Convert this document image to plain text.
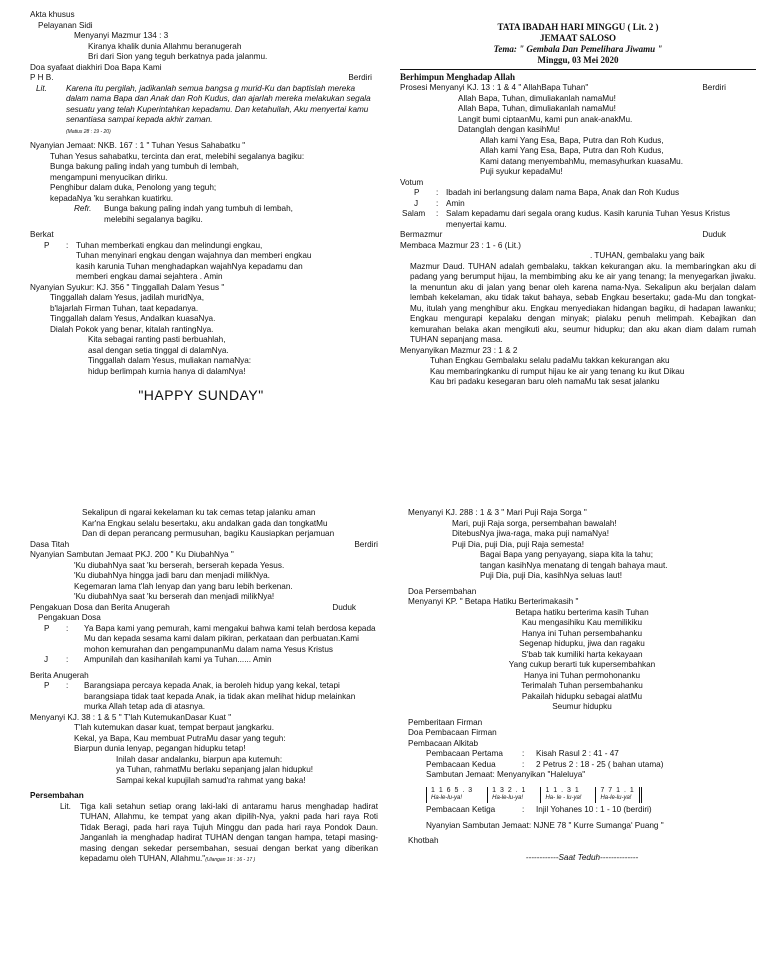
Akta khusus

Pelayanan Sidi

Menyanyi Mazmur 134 : 3

Kiranya khalik dunia Allahmu beranugerah

Bri dari Sion yang teguh berkatnya pada jalanmu.

Doa syafaat diakhiri Doa Bapa Kami

P H B.	Berdiri
Lit.	Karena itu pergilah, jadikanlah semua bangsa g murid-Ku dan baptislah mereka dalam nama Bapa dan Anak dan Roh Kudus, dan ajarlah mereka melakukan segala sesuatu yang telah Kuperintahkan kepadamu. Dan ketahuilah, Aku menyertai kamu senantiasa sampai kepada akhir zaman.
(Matius 28 : 19 - 20)

Nyanyian Jemaat: NKB. 167 : 1 " Tuhan Yesus Sahabatku "

Tuhan Yesus sahabatku, tercinta dan erat, melebihi segalanya bagiku:

Bunga bakung paling indah yang tumbuh di lembah,

mengampuni menyucikan diriku.

Penghibur dalam duka, Penolong yang teguh;

kepadaNya 'ku serahkan kuatirku.

Refr.	Bunga bakung paling indah yang tumbuh di lembah,

melebihi segalanya bagiku.

Berkat

P	: Tuhan memberkati engkau dan melindungi engkau,

Tuhan menyinari engkau dengan wajahnya dan memberi engkau

kasih karunia Tuhan menghadapkan wajahNya kepadamu dan

memberi engkau damai sejahtera . Amin

Nyanyian Syukur: KJ. 356 " Tinggallah Dalam Yesus "

Tinggallah dalam Yesus, jadilah muridNya,

b'lajarlah Firman Tuhan, taat kepadanya.

Tinggallah dalam Yesus, Andalkan kuasaNya.

Dialah Pokok yang benar, kitalah rantingNya.

Kita sebagai ranting pasti berbuahlah,

asal dengan setia tinggal di dalamNya.

Tinggallah dalam Yesus, muliakan namaNya:

hidup berlimpah kurnia hanya di dalamNya!

"HAPPY SUNDAY"

TATA IBADAH HARI MINGGU ( Lit. 2 )

JEMAAT SALOSO

Tema: " Gembala Dan Pemelihara Jiwamu "

Minggu, 03 Mei 2020

Berhimpun Menghadap Allah

Prosesi Menyanyi KJ. 13 : 1 & 4 " AllahBapa Tuhan"	Berdiri

Allah Bapa, Tuhan, dimuliakanlah namaMu!

Allah Bapa, Tuhan, dimuliakanlah namaMu!

Langit bumi ciptaanMu, kami pun anak-anakMu.

Datanglah dengan kasihMu!

Allah kami Yang Esa, Bapa, Putra dan Roh Kudus,

Allah kami Yang Esa, Bapa, Putra dan Roh Kudus,

Kami datang menyembahMu, memasyhurkan kuasaMu.

Puji syukur kepadaMu!

Votum

P	: Ibadah ini berlangsung dalam nama Bapa, Anak dan Roh Kudus
J	: Amin
Salam	: Salam kepadamu dari segala orang kudus. Kasih karunia Tuhan Yesus Kristus menyertai kamu.
Bermazmur	Duduk

Membaca Mazmur 23 : 1 - 6 (Lit.)

. TUHAN, gembalaku yang baik

Mazmur Daud. TUHAN adalah gembalaku, takkan kekurangan aku. Ia membaringkan aku di padang yang berumput hijau, Ia membimbing aku ke air yang tenang; Ia menyegarkan jiwaku. Ia menuntun aku di jalan yang benar oleh karena nama-Nya. Sekalipun aku berjalan dalam lembah kekelaman, aku tidak takut bahaya, sebab Engkau besertaku; gada-Mu dan tongkat-Mu, itulah yang menghibur aku. Engkau menyediakan hidangan bagiku, di hadapan lawanku; Engkau mengurapi kepalaku dengan minyak; pialaku penuh melimpah. Kebajikan dan kemurahan belaka akan mengikuti aku, seumur hidupku; dan aku akan diam dalam rumah TUHAN sepanjang masa.

Menyanyikan Mazmur 23 : 1 & 2

Tuhan Engkau Gembalaku selalu padaMu takkan kekurangan aku

Kau membaringkanku di rumput hijau ke air yang tenang ku ikut Dikau

Kau bri padaku kesegaran baru oleh namaMu tak sesat jalanku

Sekalipun di ngarai kekelaman ku tak cemas tetap jalanku aman

Kar'na Engkau selalu besertaku, aku andalkan gada dan tongkatMu

Dan di depan perancang permusuhan, bagiku Kausiapkan perjamuan

Dasa Titah	Berdiri

Nyanyian Sambutan Jemaat PKJ. 200 " Ku DiubahNya "

'Ku diubahNya saat 'ku berserah, berserah kepada Yesus.

'Ku diubahNya hingga jadi baru dan menjadi milikNya.

Kegemaran lama t'lah lenyap dan yang baru lebih berkenan.

'Ku diubahNya saat 'ku berserah dan menjadi milikNya!

Pengakuan Dosa dan Berita Anugerah	Duduk

Pengakuan Dosa

P	:	Ya Bapa kami yang pemurah, kami mengakui bahwa kami telah berdosa kepada Mu dan kepada sesama kami dalam pikiran, perkataan dan perbuatan.Kami mohon kemurahan dan pengampunanMu dalam nama Yesus Kristus
J	:	Ampunilah dan kasihanilah kami ya Tuhan...... Amin

Berita Anugerah

P	:	Barangsiapa percaya kepada Anak, ia beroleh hidup yang kekal, tetapi barangsiapa tidak taat kepada Anak, ia tidak akan melihat hidup melainkan murka Allah tetap ada di atasnya.

Menyanyi KJ. 38 : 1 & 5 " T'lah KutemukanDasar Kuat "

T'lah kutemukan dasar kuat, tempat berpaut jangkarku.

Kekal, ya Bapa, Kau membuat PutraMu dasar yang teguh:

Biarpun dunia lenyap, pegangan hidupku tetap!

Inilah dasar andalanku, biarpun apa kutemuh:

ya Tuhan, rahmatMu berlaku sepanjang jalan hidupku!

Sampai kekal kupujilah samud'ra rahmat yang baka!

Persembahan

Lit.	Tiga kali setahun setiap orang laki-laki di antaramu harus menghadap hadirat TUHAN, Allahmu, ke tempat yang akan dipilih-Nya, yakni pada hari raya Roti Tidak Beragi, pada hari raya Tujuh Minggu dan pada hari raya Pondok Daun. Janganlah ia menghadap hadirat TUHAN dengan tangan hampa, tetapi masing-masing dengan sekedar persembahan, sesuai dengan berkat yang diberikan kepadamu oleh TUHAN, Allahmu."(Ulangan 16 : 16 - 17 )

Menyanyi KJ. 288 : 1 & 3 " Mari Puji Raja Sorga "

Mari, puji Raja sorga, persembahan bawalah!

DitebusNya jiwa-raga, maka puji namaNya!

Puji Dia, puji Dia, puji Raja semesta!

Bagai Bapa yang penyayang, siapa kita la tahu;

tangan kasihNya menatang di tengah bahaya maut.

Puji Dia, puji Dia, kasihNya seluas laut!

Doa Persembahan

Menyanyi KP. " Betapa Hatiku Berterimakasih "

Betapa hatiku berterima kasih Tuhan

Kau mengasihiku Kau memilikiku

Hanya ini Tuhan persembahanku

Segenap hidupku, jiwa dan ragaku

S'bab tak kumiliki harta kekayaan

Yang cukup berarti tuk kupersembahkan

Hanya ini Tuhan permohonanku

Terimalah Tuhan persembahanku

Pakailah hidupku sebagai alatMu

Seumur hidupku

Pemberitaan Firman

Doa Pembacaan Firman

Pembacaan Alkitab

Pembacaan Pertama	:	Kisah Rasul 2 : 41 - 47
Pembacaan Kedua	:	2 Petrus 2 : 18 - 25 ( bahan utama)

Sambutan Jemaat: Menyanyikan "Haleluya"

1 1 6 5 . 3
Ha-le-lu-ya!
1 3 2 . 1
Ha-le-lu-ya!
1 1 . 3 1
Ha- le - lu-ya!
7 7 1 . 1
Ha-le-lu-ya!
Pembacaan Ketiga	:	Injil Yohanes 10 : 1 - 10 (berdiri)

Nyanyian Sambutan Jemaat: NJNE 78 " Kurre Sumanga' Puang "

Khotbah

------------Saat Teduh--------------
